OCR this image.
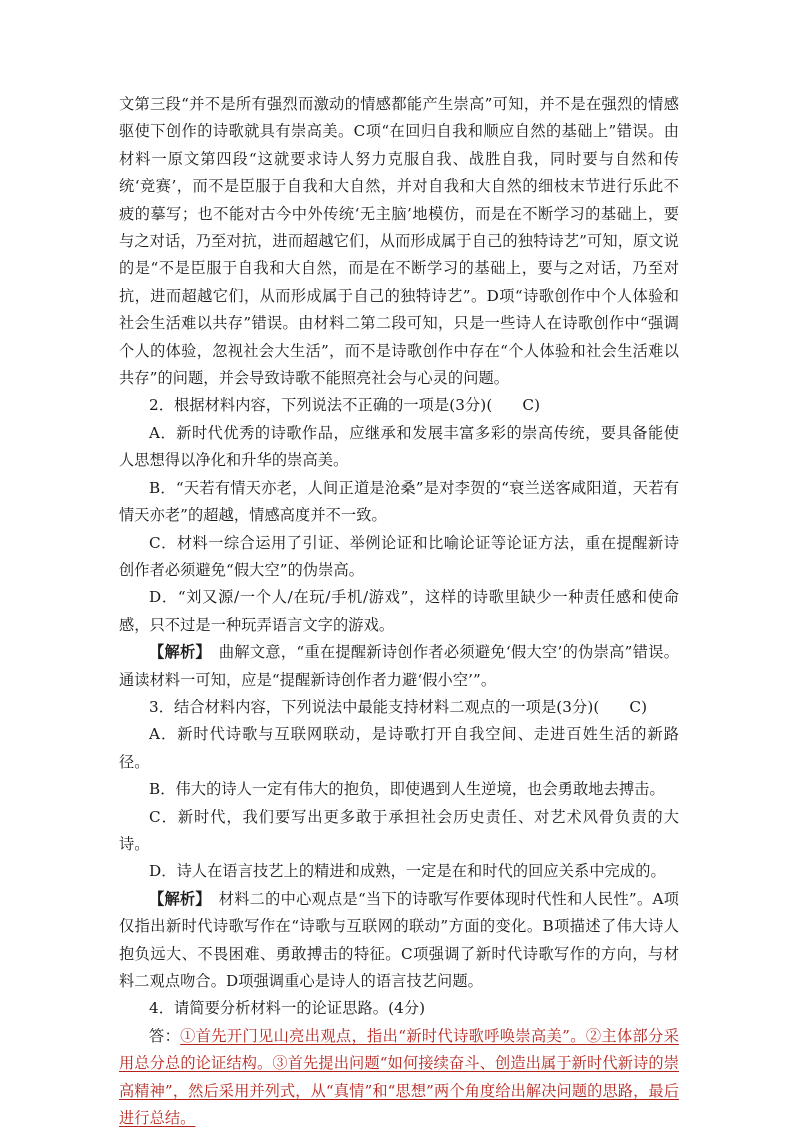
文第三段“并不是所有强烈而激动的情感都能产生崇高”可知，并不是在强烈的情感驱使下创作的诗歌就具有崇高美。C项“在回归自我和顺应自然的基础上”错误。由材料一原文第四段“这就要求诗人努力克服自我、战胜自我，同时要与自然和传统‘竞赛’，而不是臣服于自我和大自然，并对自我和大自然的细枝末节进行乐此不疲的摹写；也不能对古今中外传统‘无主脑’地模仿，而是在不断学习的基础上，要与之对话，乃至对抗，进而超越它们，从而形成属于自己的独特诗艺”可知，原文说的是“不是臣服于自我和大自然，而是在不断学习的基础上，要与之对话，乃至对抗，进而超越它们，从而形成属于自己的独特诗艺”。D项“诗歌创作中个人体验和社会生活难以共存”错误。由材料二第二段可知，只是一些诗人在诗歌创作中“强调个人的体验，忽视社会大生活”，而不是诗歌创作中存在“个人体验和社会生活难以共存”的问题，并会导致诗歌不能照亮社会与心灵的问题。
2．根据材料内容，下列说法不正确的一项是(3分)( C)
A．新时代优秀的诗歌作品，应继承和发展丰富多彩的崇高传统，要具备能使人思想得以净化和升华的崇高美。
B．“天若有情天亦老，人间正道是沧桑”是对李贺的“衰兰送客咸阳道，天若有情天亦老”的超越，情感高度并不一致。
C．材料一综合运用了引证、举例论证和比喻论证等论证方法，重在提醒新诗创作者必须避免“假大空”的伪崇高。
D．“刘又源/一个人/在玩/手机/游戏”，这样的诗歌里缺少一种责任感和使命感，只不过是一种玩弄语言文字的游戏。
【解析】　 曲解文意，“重在提醒新诗创作者必须避免‘假大空’的伪崇高”错误。通读材料一可知，应是“提醒新诗创作者力避‘假小空’”。
3．结合材料内容，下列说法中最能支持材料二观点的一项是(3分)( C)
A．新时代诗歌与互联网联动，是诗歌打开自我空间、走进百姓生活的新路径。
B．伟大的诗人一定有伟大的抱负，即使遇到人生逆境，也会勇敢地去搏击。
C．新时代，我们要写出更多敢于承担社会历史责任、对艺术风骨负责的大诗。
D．诗人在语言技艺上的精进和成熟，一定是在和时代的回应关系中完成的。
【解析】　 材料二的中心观点是“当下的诗歌写作要体现时代性和人民性”。A项仅指出新时代诗歌写作在“诗歌与互联网的联动”方面的变化。B项描述了伟大诗人抱负远大、不畏困难、勇敢搏击的特征。C项强调了新时代诗歌写作的方向，与材料二观点吻合。D项强调重心是诗人的语言技艺问题。
4．请简要分析材料一的论证思路。(4分)
答：①首先开门见山亮出观点，指出“新时代诗歌呼唤崇高美”。②主体部分采用总分总的论证结构。③首先提出问题“如何接续奋斗、创造出属于新时代新诗的崇高精神”，然后采用并列式，从“真情”和“思想”两个角度给出解决问题的思路，最后进行总结。
